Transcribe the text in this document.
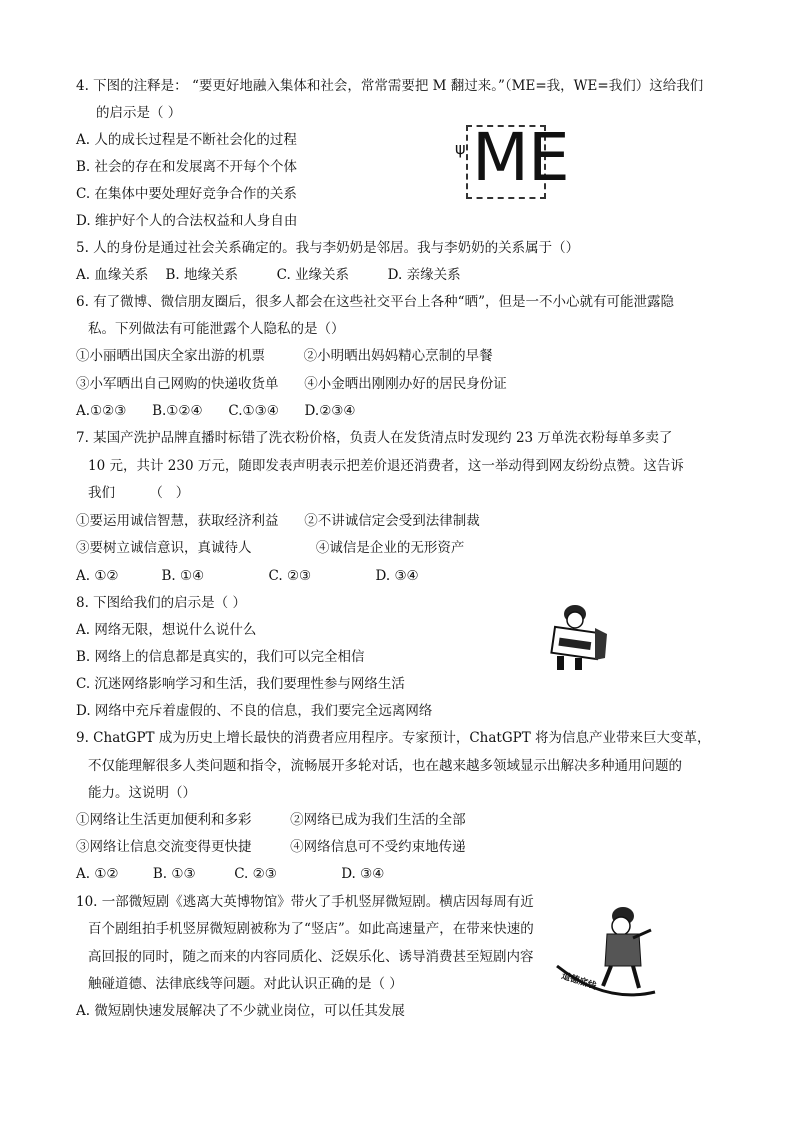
4. 下图的注释是： “要更好地融入集体和社会，常常需要把 M 翻过来。”（ME=我，WE=我们）这给我们
的启示是（ ）
A. 人的成长过程是不断社会化的过程
B. 社会的存在和发展离不开每个个体
C. 在集体中要处理好竞争合作的关系
D. 维护好个人的合法权益和人身自由
ψ ME
5. 人的身份是通过社会关系确定的。我与李奶奶是邻居。我与李奶奶的关系属于（）
A. 血缘关系    B. 地缘关系         C. 业缘关系         D. 亲缘关系
6. 有了微博、微信朋友圈后，很多人都会在这些社交平台上各种“晒”，但是一不小心就有可能泄露隐
私。下列做法有可能泄露个人隐私的是（）
①小丽晒出国庆全家出游的机票         ②小明晒出妈妈精心烹制的早餐
③小军晒出自己网购的快递收货单      ④小金晒出刚刚办好的居民身份证
A.①②③      B.①②④      C.①③④      D.②③④
7. 某国产洗护品牌直播时标错了洗衣粉价格，负责人在发货清点时发现约 23 万单洗衣粉每单多卖了
10 元，共计 230 万元，随即发表声明表示把差价退还消费者，这一举动得到网友纷纷点赞。这告诉
我们        （   ）
①要运用诚信智慧，获取经济利益      ②不讲诚信定会受到法律制裁
③要树立诚信意识，真诚待人               ④诚信是企业的无形资产
A. ①②          B. ①④               C. ②③               D. ③④
8. 下图给我们的启示是（ ）
A. 网络无限，想说什么说什么
B. 网络上的信息都是真实的，我们可以完全相信
C. 沉迷网络影响学习和生活，我们要理性参与网络生活
D. 网络中充斥着虚假的、不良的信息，我们要完全远离网络
9. ChatGPT 成为历史上增长最快的消费者应用程序。专家预计，ChatGPT 将为信息产业带来巨大变革，
不仅能理解很多人类问题和指令，流畅展开多轮对话，也在越来越多领域显示出解决多种通用问题的
能力。这说明（）
①网络让生活更加便利和多彩         ②网络已成为我们生活的全部
③网络让信息交流变得更快捷         ④网络信息可不受约束地传递
A. ①②        B. ①③         C. ②③               D. ③④
10. 一部微短剧《逃离大英博物馆》带火了手机竖屏微短剧。横店因每周有近
百个剧组拍手机竖屏微短剧被称为了“竖店”。如此高速量产，在带来快速的
高回报的同时，随之而来的内容同质化、泛娱乐化、诱导消费甚至短剧内容
触碰道德、法律底线等问题。对此认识正确的是（ ）
A. 微短剧快速发展解决了不少就业岗位，可以任其发展
道德底线
